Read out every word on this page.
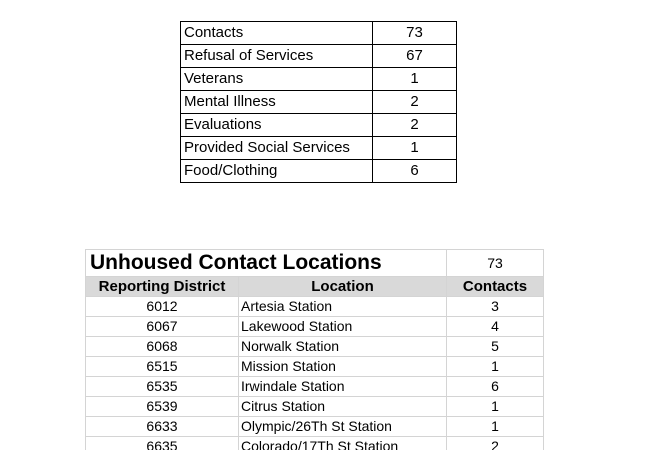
Contacts	73
Refusal of Services	67
Veterans	1
Mental Illness	2
Evaluations	2
Provided Social Services	1
Food/Clothing	6
Unhoused Contact Locations		73
Reporting District	Location	Contacts
6012	Artesia Station	3
6067	Lakewood Station	4
6068	Norwalk Station	5
6515	Mission Station	1
6535	Irwindale Station	6
6539	Citrus Station	1
6633	Olympic/26Th St Station	1
6635	Colorado/17Th St Station	2
